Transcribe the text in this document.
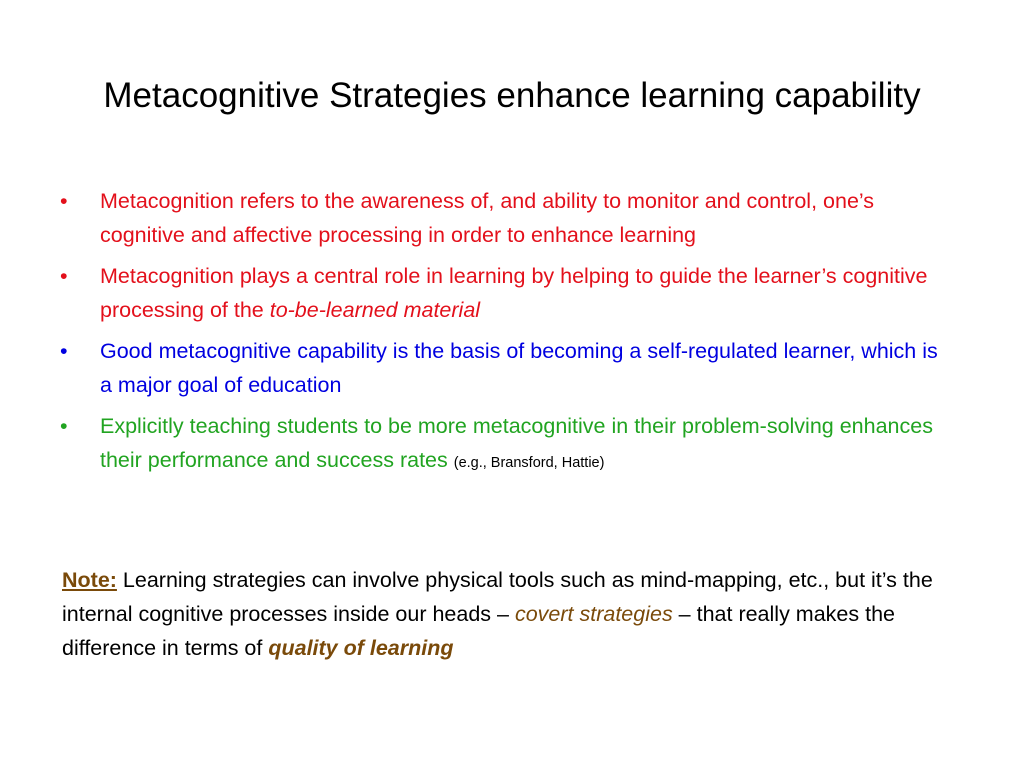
Metacognitive Strategies enhance learning capability
•	Metacognition refers to the awareness of, and ability to monitor and control, one’s cognitive and affective processing in order to enhance learning
•	Metacognition plays a central role in learning by helping to guide the learner’s cognitive processing of the to-be-learned material
•	Good metacognitive capability is the basis of becoming a self-regulated learner, which is a major goal of education
•	Explicitly teaching students to be more metacognitive in their problem-solving enhances their performance and success rates (e.g., Bransford, Hattie)

Note: Learning strategies can involve physical tools such as mind-mapping, etc., but it’s the internal cognitive processes inside our heads – covert strategies – that really makes the difference in terms of quality of learning
